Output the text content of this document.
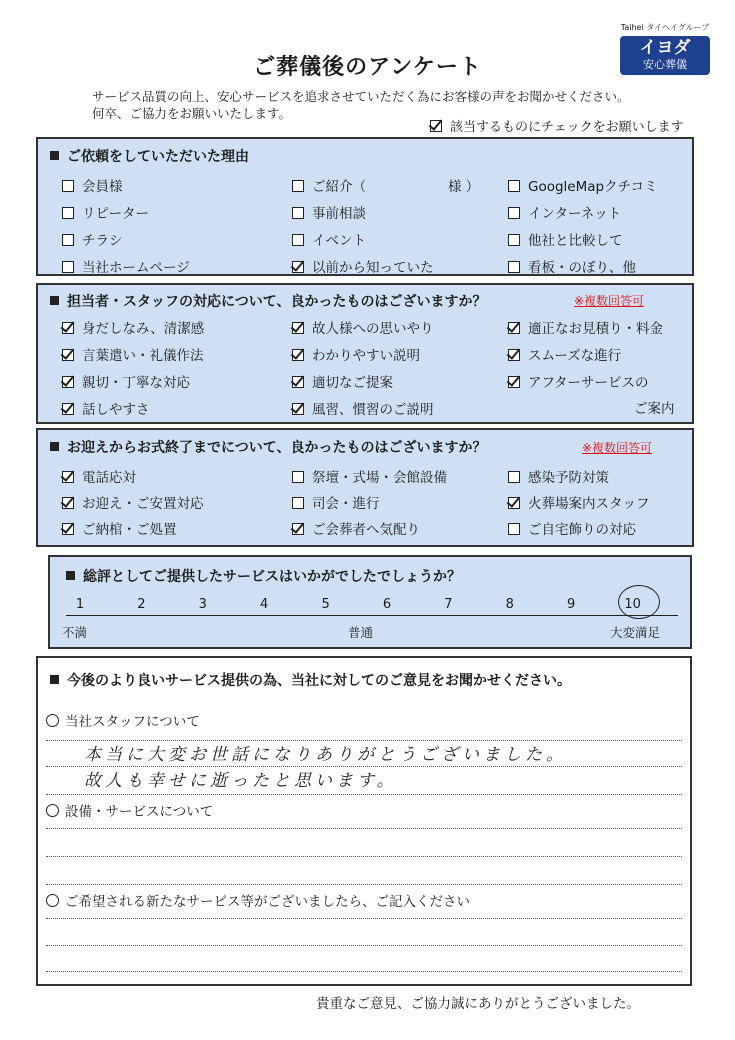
ご葬儀後のアンケート
Taihei タイヘイグループ
イヨダ
安心葬儀
サービス品質の向上、安心サービスを追求させていただく為にお客様の声をお聞かせください。
何卒、ご協力をお願いいたします。
該当するものにチェックをお願いします
ご依頼をしていただいた理由
会員様	ご紹介（	様 ）	GoogleMapクチコミ
リピーター	事前相談	インターネット
チラシ	イベント	他社と比較して
当社ホームページ	以前から知っていた	看板・のぼり、他
担当者・スタッフの対応について、良かったものはございますか？	※複数回答可
身だしなみ、清潔感	故人様への思いやり	適正なお見積り・料金
言葉遣い・礼儀作法	わかりやすい説明	スムーズな進行
親切・丁寧な対応	適切なご提案	アフターサービスの
話しやすさ	風習、慣習のご説明	ご案内
お迎えからお式終了までについて、良かったものはございますか？	※複数回答可
電話応対	祭壇・式場・会館設備	感染予防対策
お迎え・ご安置対応	司会・進行	火葬場案内スタッフ
ご納棺・ご処置	ご会葬者へ気配り	ご自宅飾りの対応
総評としてご提供したサービスはいかがでしたでしょうか？
1	2	3	4	5	6	7	8	9	10
不満	普通	大変満足
今後のより良いサービス提供の為、当社に対してのご意見をお聞かせください。
当社スタッフについて
本当に大変お世話になりありがとうございました。
故人も幸せに逝ったと思います。
設備・サービスについて
ご希望される新たなサービス等がございましたら、ご記入ください
貴重なご意見、ご協力誠にありがとうございました。
